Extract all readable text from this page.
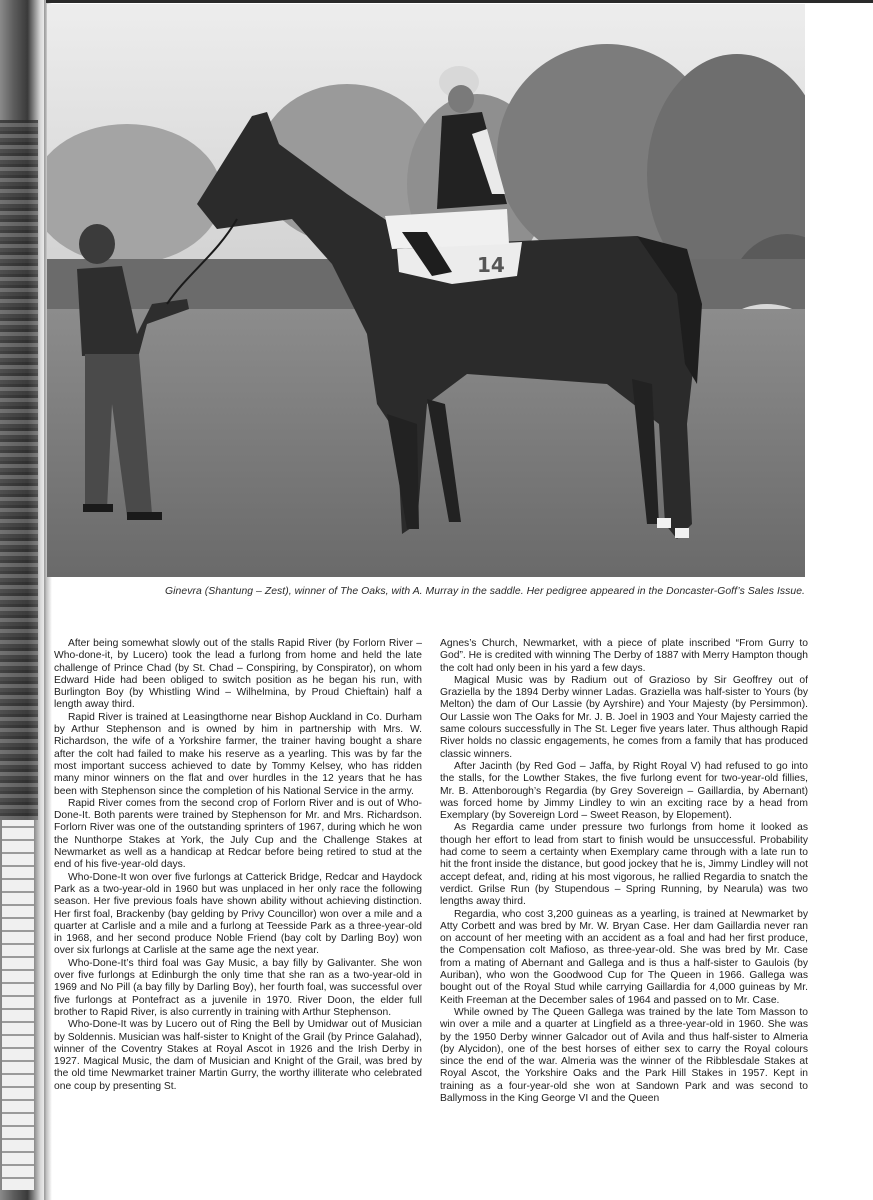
14
Ginevra (Shantung – Zest), winner of The Oaks, with A. Murray in the saddle. Her pedigree appeared in the Doncaster-Goff’s Sales Issue.

After being somewhat slowly out of the stalls Rapid River (by Forlorn River – Who-done-it, by Lucero) took the lead a furlong from home and held the late challenge of Prince Chad (by St. Chad – Conspiring, by Conspirator), on whom Edward Hide had been obliged to switch position as he began his run, with Burlington Boy (by Whistling Wind – Wilhelmina, by Proud Chieftain) half a length away third.

Rapid River is trained at Leasingthorne near Bishop Auckland in Co. Durham by Arthur Stephenson and is owned by him in partnership with Mrs. W. Richardson, the wife of a Yorkshire farmer, the trainer having bought a share after the colt had failed to make his reserve as a yearling. This was by far the most important success achieved to date by Tommy Kelsey, who has ridden many minor winners on the flat and over hurdles in the 12 years that he has been with Stephenson since the completion of his National Service in the army.

Rapid River comes from the second crop of Forlorn River and is out of Who-Done-It. Both parents were trained by Stephenson for Mr. and Mrs. Richardson. Forlorn River was one of the outstanding sprinters of 1967, during which he won the Nunthorpe Stakes at York, the July Cup and the Challenge Stakes at Newmarket as well as a handicap at Redcar before being retired to stud at the end of his five-year-old days.

Who-Done-It won over five furlongs at Catterick Bridge, Redcar and Haydock Park as a two-year-old in 1960 but was unplaced in her only race the following season. Her five previous foals have shown ability without achieving distinction. Her first foal, Brackenby (bay gelding by Privy Councillor) won over a mile and a quarter at Carlisle and a mile and a furlong at Teesside Park as a three-year-old in 1968, and her second produce Noble Friend (bay colt by Darling Boy) won over six furlongs at Carlisle at the same age the next year.

Who-Done-It’s third foal was Gay Music, a bay filly by Galivanter. She won over five furlongs at Edinburgh the only time that she ran as a two-year-old in 1969 and No Pill (a bay filly by Darling Boy), her fourth foal, was successful over five furlongs at Pontefract as a juvenile in 1970. River Doon, the elder full brother to Rapid River, is also currently in training with Arthur Stephenson.

Who-Done-It was by Lucero out of Ring the Bell by Umidwar out of Musician by Soldennis. Musician was half-sister to Knight of the Grail (by Prince Galahad), winner of the Coventry Stakes at Royal Ascot in 1926 and the Irish Derby in 1927. Magical Music, the dam of Musician and Knight of the Grail, was bred by the old time Newmarket trainer Martin Gurry, the worthy illiterate who celebrated one coup by presenting St.

Agnes’s Church, Newmarket, with a piece of plate inscribed “From Gurry to God”. He is credited with winning The Derby of 1887 with Merry Hampton though the colt had only been in his yard a few days.

Magical Music was by Radium out of Grazioso by Sir Geoffrey out of Graziella by the 1894 Derby winner Ladas. Graziella was half-sister to Yours (by Melton) the dam of Our Lassie (by Ayrshire) and Your Majesty (by Persimmon). Our Lassie won The Oaks for Mr. J. B. Joel in 1903 and Your Majesty carried the same colours successfully in The St. Leger five years later. Thus although Rapid River holds no classic engagements, he comes from a family that has produced classic winners.

After Jacinth (by Red God – Jaffa, by Right Royal V) had refused to go into the stalls, for the Lowther Stakes, the five furlong event for two-year-old fillies, Mr. B. Attenborough’s Regardia (by Grey Sovereign – Gaillardia, by Abernant) was forced home by Jimmy Lindley to win an exciting race by a head from Exemplary (by Sovereign Lord – Sweet Reason, by Elopement).

As Regardia came under pressure two furlongs from home it looked as though her effort to lead from start to finish would be unsuccessful. Probability had come to seem a certainty when Exemplary came through with a late run to hit the front inside the distance, but good jockey that he is, Jimmy Lindley will not accept defeat, and, riding at his most vigorous, he rallied Regardia to snatch the verdict. Grilse Run (by Stupendous – Spring Running, by Nearula) was two lengths away third.

Regardia, who cost 3,200 guineas as a yearling, is trained at Newmarket by Atty Corbett and was bred by Mr. W. Bryan Case. Her dam Gaillardia never ran on account of her meeting with an accident as a foal and had her first produce, the Compensation colt Mafioso, as three-year-old. She was bred by Mr. Case from a mating of Abernant and Gallega and is thus a half-sister to Gaulois (by Auriban), who won the Goodwood Cup for The Queen in 1966. Gallega was bought out of the Royal Stud while carrying Gaillardia for 4,000 guineas by Mr. Keith Freeman at the December sales of 1964 and passed on to Mr. Case.

While owned by The Queen Gallega was trained by the late Tom Masson to win over a mile and a quarter at Lingfield as a three-year-old in 1960. She was by the 1950 Derby winner Galcador out of Avila and thus half-sister to Almeria (by Alycidon), one of the best horses of either sex to carry the Royal colours since the end of the war. Almeria was the winner of the Ribblesdale Stakes at Royal Ascot, the Yorkshire Oaks and the Park Hill Stakes in 1957. Kept in training as a four-year-old she won at Sandown Park and was second to Ballymoss in the King George VI and the Queen
